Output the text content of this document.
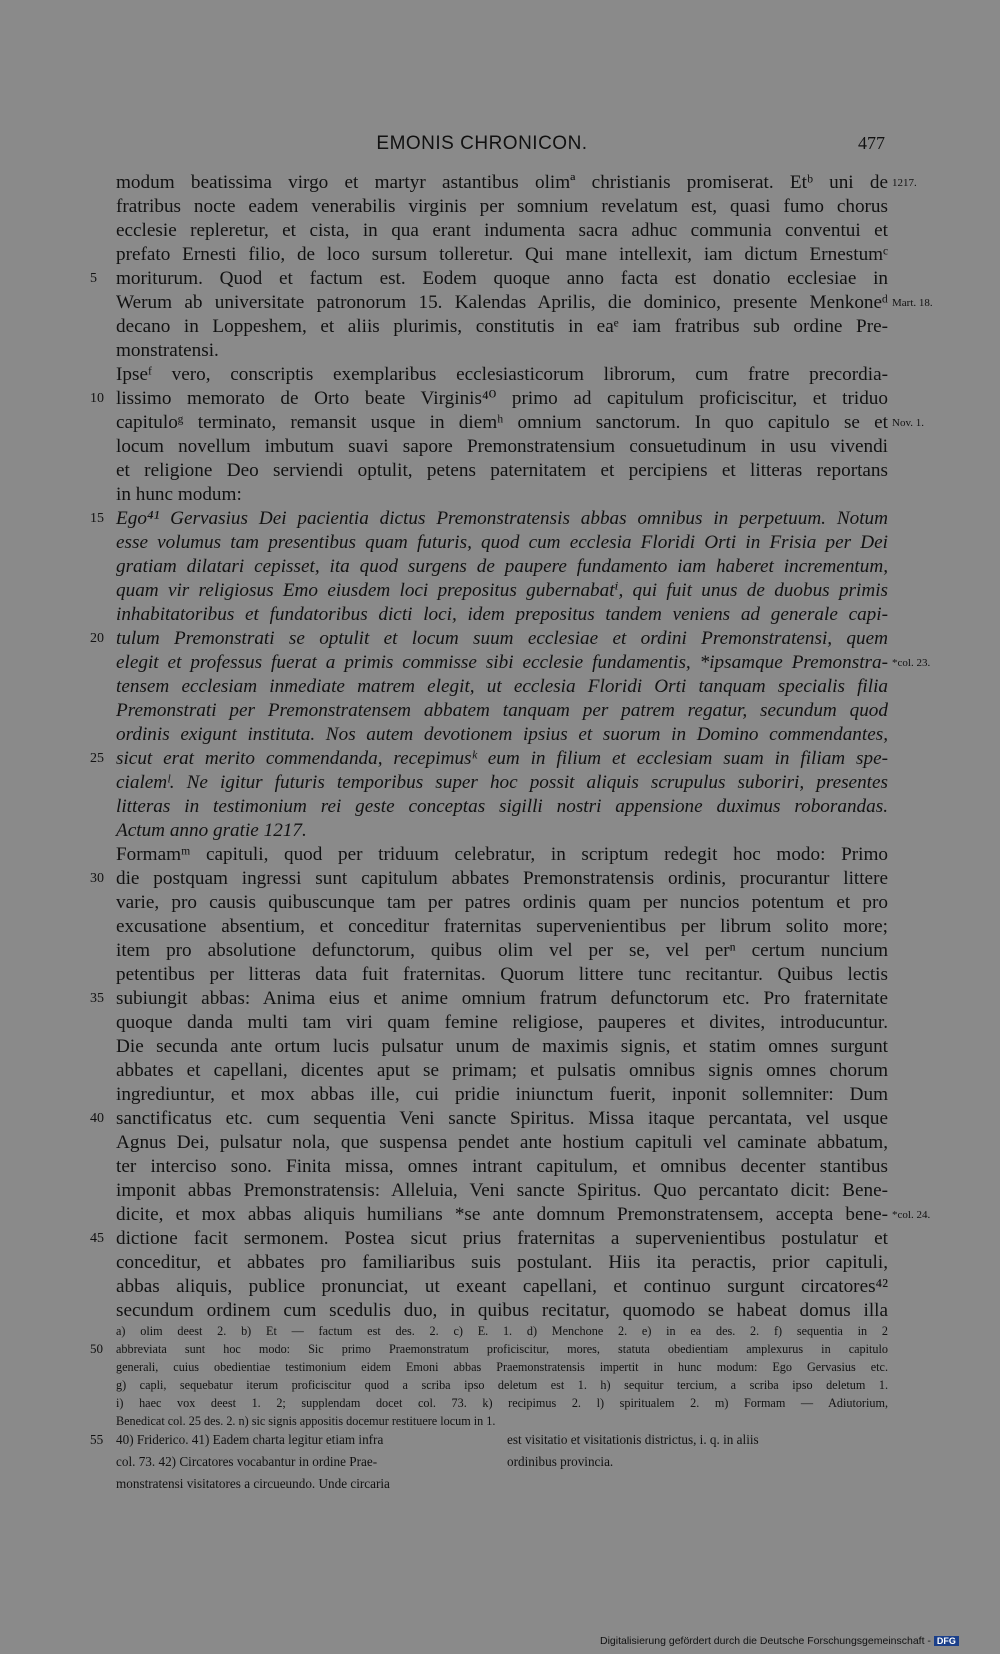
EMONIS CHRONICON.	477
modum beatissima virgo et martyr astantibus olimª christianis promiserat. Etᵇ uni de 1217.
fratribus nocte eadem venerabilis virginis per somnium revelatum est, quasi fumo chorus
ecclesie repleretur, et cista, in qua erant indumenta sacra adhuc communia conventui et
prefato Ernesti filio, de loco sursum tolleretur. Qui mane intellexit, iam dictum Ernestumᶜ
moriturum. Quod et factum est. Eodem quoque anno facta est donatio ecclesiae in
5
Werum ab universitate patronorum 15. Kalendas Aprilis, die dominico, presente Menkoneᵈ Mart. 18.
decano in Loppeshem, et aliis plurimis, constitutis in eaᵉ iam fratribus sub ordine Pre-
monstratensi.
Ipseᶠ vero, conscriptis exemplaribus ecclesiasticorum librorum, cum fratre precordia-
lissimo memorato de Orto beate Virginis⁴⁰ primo ad capitulum proficiscitur, et triduo
10
capituloᵍ terminato, remansit usque in diemʰ omnium sanctorum. In quo capitulo se et Nov. 1.
locum novellum imbutum suavi sapore Premonstratensium consuetudinum in usu vivendi
et religione Deo serviendi optulit, petens paternitatem et percipiens et litteras reportans
in hunc modum:
Ego⁴¹ Gervasius Dei pacientia dictus Premonstratensis abbas omnibus in perpetuum. Notum
15
esse volumus tam presentibus quam futuris, quod cum ecclesia Floridi Orti in Frisia per Dei
gratiam dilatari cepisset, ita quod surgens de paupere fundamento iam haberet incrementum,
quam vir religiosus Emo eiusdem loci prepositus gubernabatⁱ, qui fuit unus de duobus primis
inhabitatoribus et fundatoribus dicti loci, idem prepositus tandem veniens ad generale capi-
tulum Premonstrati se optulit et locum suum ecclesiae et ordini Premonstratensi, quem
20
elegit et professus fuerat a primis commisse sibi ecclesie fundamentis, *ipsamque Premonstra- *col. 23.
tensem ecclesiam inmediate matrem elegit, ut ecclesia Floridi Orti tanquam specialis filia
Premonstrati per Premonstratensem abbatem tanquam per patrem regatur, secundum quod
ordinis exigunt instituta. Nos autem devotionem ipsius et suorum in Domino commendantes,
sicut erat merito commendanda, recepimusᵏ eum in filium et ecclesiam suam in filiam spe-
25
cialemˡ. Ne igitur futuris temporibus super hoc possit aliquis scrupulus suboriri, presentes
litteras in testimonium rei geste conceptas sigilli nostri appensione duximus roborandas.
Actum anno gratie 1217.
Formamᵐ capituli, quod per triduum celebratur, in scriptum redegit hoc modo: Primo
die postquam ingressi sunt capitulum abbates Premonstratensis ordinis, procurantur littere
30
varie, pro causis quibuscunque tam per patres ordinis quam per nuncios potentum et pro
excusatione absentium, et conceditur fraternitas supervenientibus per librum solito more;
item pro absolutione defunctorum, quibus olim vel per se, vel perⁿ certum nuncium
petentibus per litteras data fuit fraternitas. Quorum littere tunc recitantur. Quibus lectis
subiungit abbas: Anima eius et anime omnium fratrum defunctorum etc. Pro fraternitate
35
quoque danda multi tam viri quam femine religiose, pauperes et divites, introducuntur.
Die secunda ante ortum lucis pulsatur unum de maximis signis, et statim omnes surgunt
abbates et capellani, dicentes aput se primam; et pulsatis omnibus signis omnes chorum
ingrediuntur, et mox abbas ille, cui pridie iniunctum fuerit, inponit sollemniter: Dum
sanctificatus etc. cum sequentia Veni sancte Spiritus. Missa itaque percantata, vel usque
40
Agnus Dei, pulsatur nola, que suspensa pendet ante hostium capituli vel caminate abbatum,
ter interciso sono. Finita missa, omnes intrant capitulum, et omnibus decenter stantibus
imponit abbas Premonstratensis: Alleluia, Veni sancte Spiritus. Quo percantato dicit: Bene-
dicite, et mox abbas aliquis humilians *se ante domnum Premonstratensem, accepta bene- *col. 24.
dictione facit sermonem. Postea sicut prius fraternitas a supervenientibus postulatur et
45
conceditur, et abbates pro familiaribus suis postulant. Hiis ita peractis, prior capituli,
abbas aliquis, publice pronunciat, ut exeant capellani, et continuo surgunt circatores⁴²
secundum ordinem cum scedulis duo, in quibus recitatur, quomodo se habeat domus illa
a) olim deest 2. b) Et — factum est des. 2. c) E. 1. d) Menchone 2. e) in ea des. 2. f) sequentia in 2
abbreviata sunt hoc modo: Sic primo Praemonstratum proficiscitur, mores, statuta obedientiam amplexurus in capitulo
50
generali, cuius obedientiae testimonium eidem Emoni abbas Praemonstratensis impertit in hunc modum: Ego Gervasius etc.
g) capli, sequebatur iterum proficiscitur quod a scriba ipso deletum est 1. h) sequitur tercium, a scriba ipso deletum 1.
i) haec vox deest 1. 2; supplendam docet col. 73. k) recipimus 2. l) spiritualem 2. m) Formam — Adiutorium,
Benedicat col. 25 des. 2. n) sic signis appositis docemur restituere locum in 1.
40) Friderico. 41) Eadem charta legitur etiam infra
55
col. 73. 42) Circatores vocabantur in ordine Prae-
monstratensi visitatores a circueundo. Unde circaria
est visitatio et visitationis districtus, i. q. in aliis
ordinibus provincia.
Digitalisierung gefördert durch die Deutsche Forschungsgemeinschaft - DFG
